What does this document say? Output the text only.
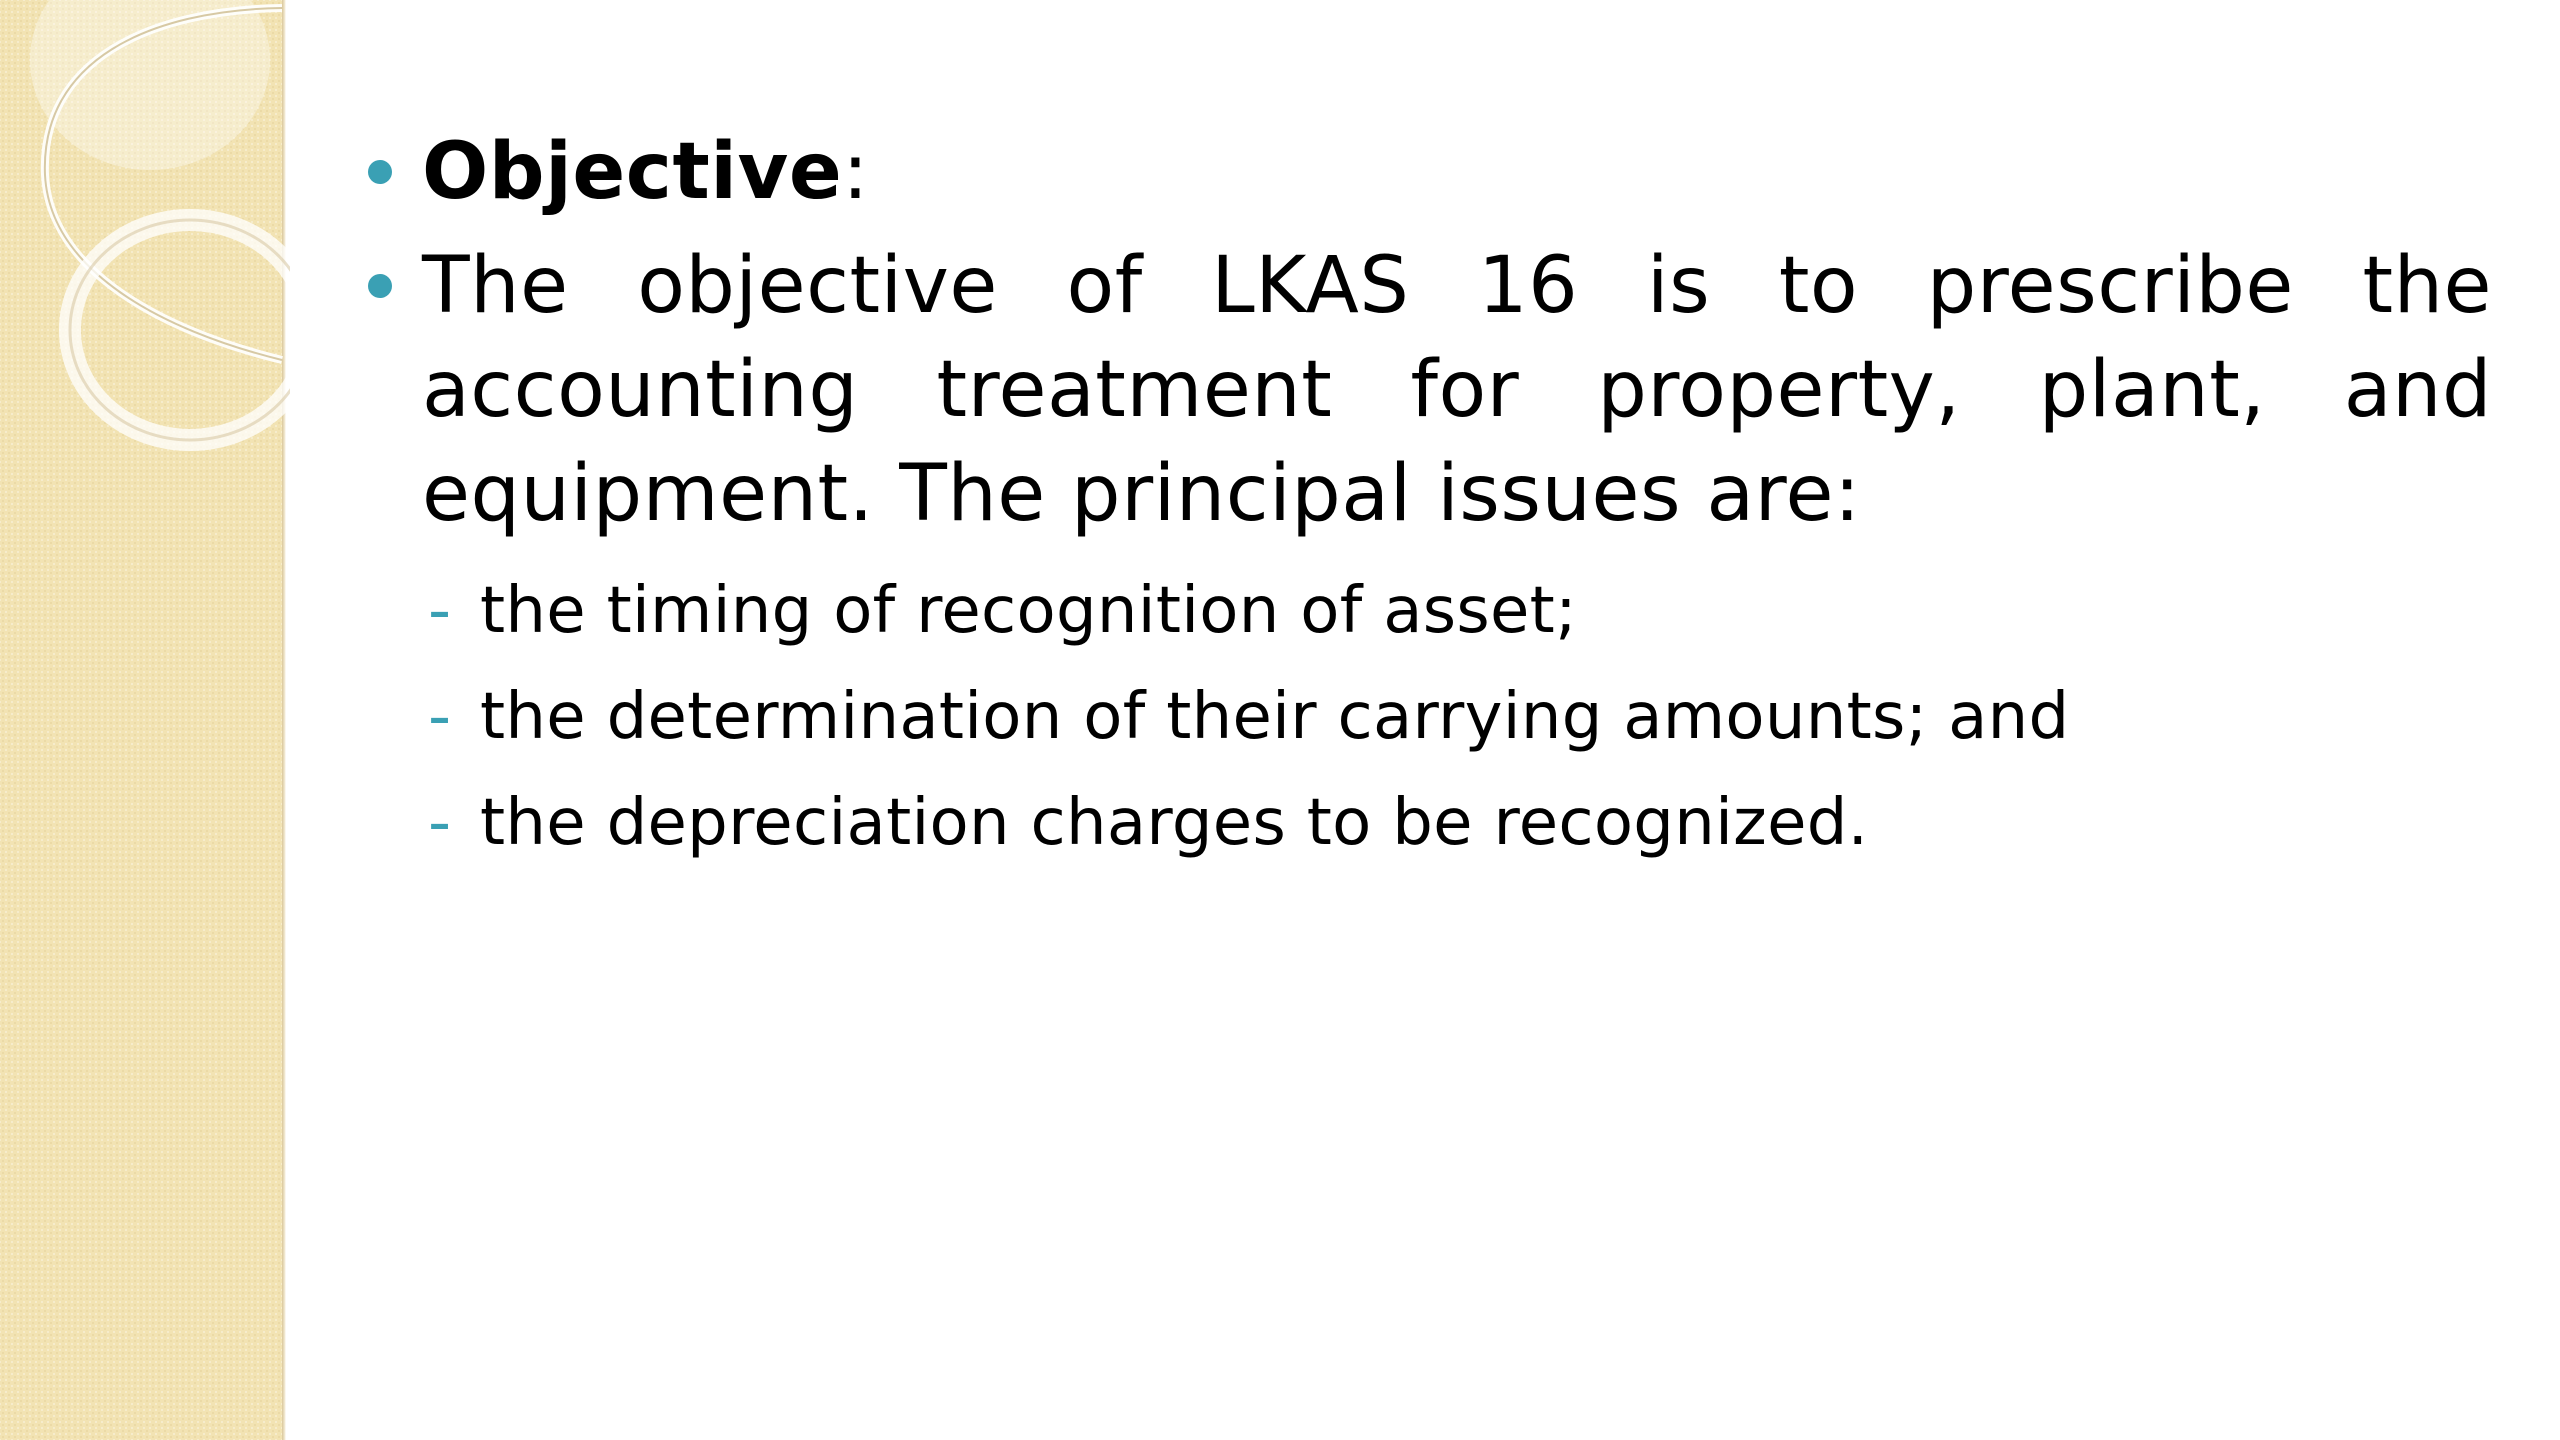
Objective:
The objective of LKAS 16 is to prescribe the accounting treatment for property, plant, and equipment. The principal issues are:
- the timing of recognition of asset;
- the determination of their carrying amounts; and
- the depreciation charges to be recognized.
